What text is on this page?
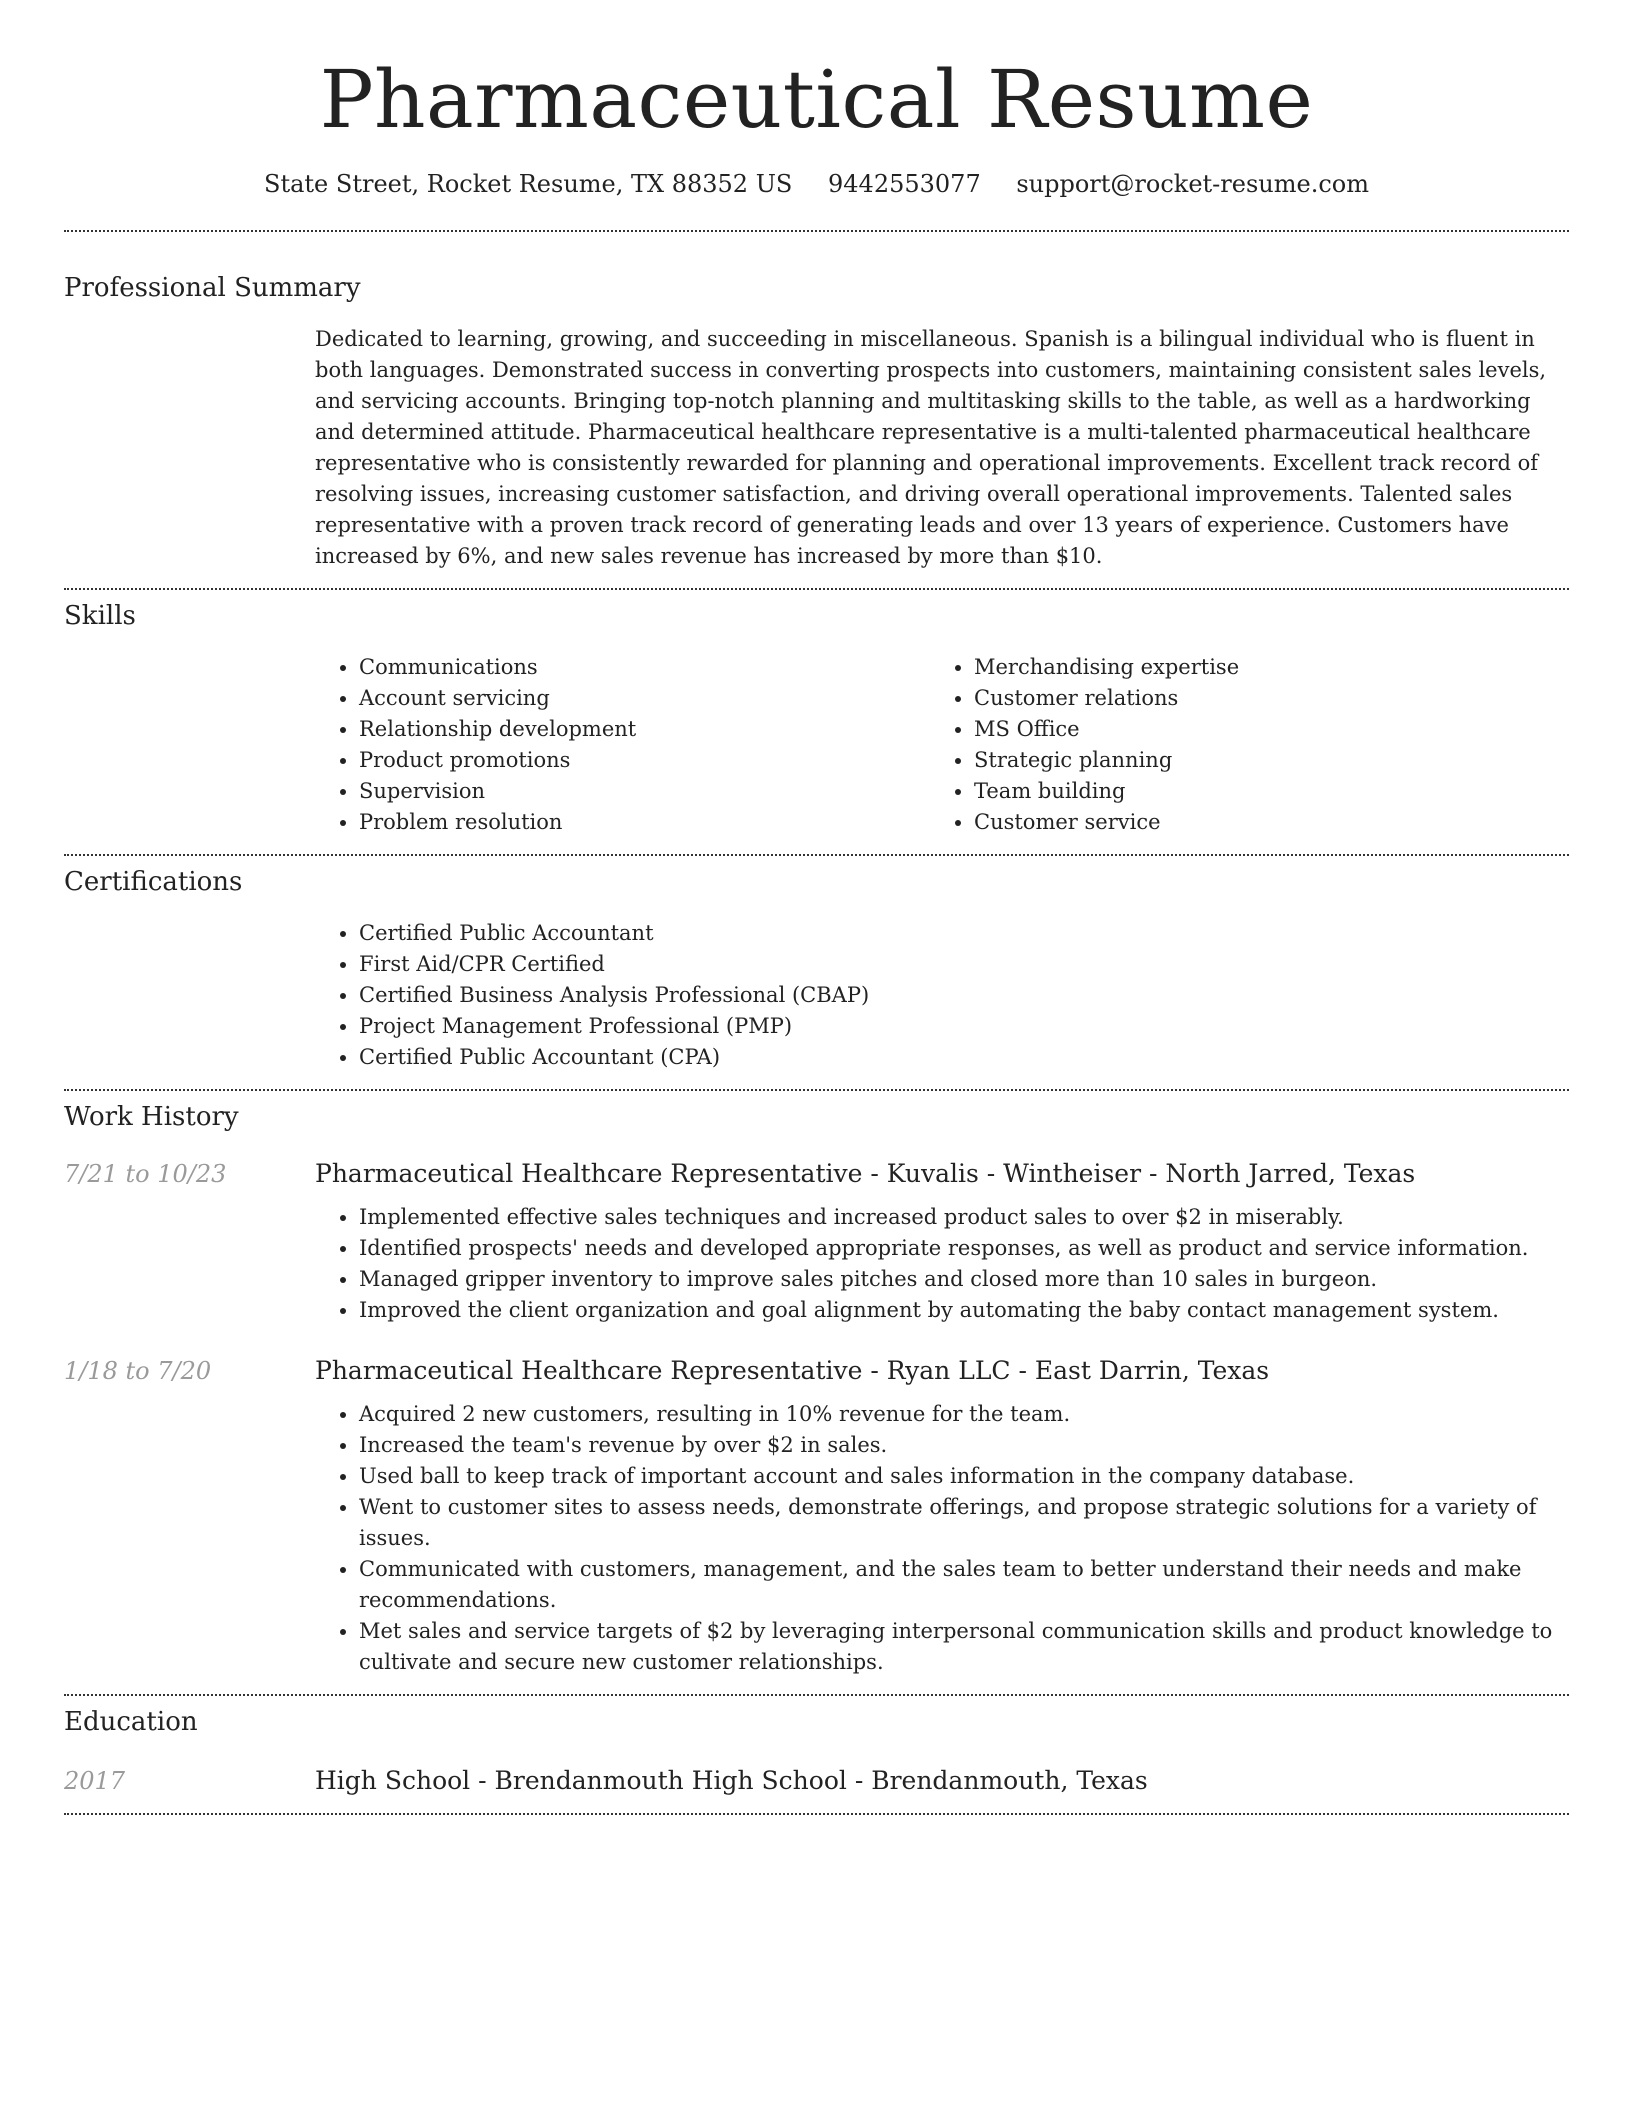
Pharmaceutical Resume
State Street, Rocket Resume, TX 88352 US 9442553077 support@rocket-resume.com
Professional Summary

Dedicated to learning, growing, and succeeding in miscellaneous. Spanish is a bilingual individual who is fluent in both languages. Demonstrated success in converting prospects into customers, maintaining consistent sales levels, and servicing accounts. Bringing top-notch planning and multitasking skills to the table, as well as a hardworking and determined attitude. Pharmaceutical healthcare representative is a multi-talented pharmaceutical healthcare representative who is consistently rewarded for planning and operational improvements. Excellent track record of resolving issues, increasing customer satisfaction, and driving overall operational improvements. Talented sales representative with a proven track record of generating leads and over 13 years of experience. Customers have increased by 6%, and new sales revenue has increased by more than $10.

Skills
• Communications
• Account servicing
• Relationship development
• Product promotions
• Supervision
• Problem resolution
• Merchandising expertise
• Customer relations
• MS Office
• Strategic planning
• Team building
• Customer service
Certifications
• Certified Public Accountant
• First Aid/CPR Certified
• Certified Business Analysis Professional (CBAP)
• Project Management Professional (PMP)
• Certified Public Accountant (CPA)
Work History
7/21 to 10/23	Pharmaceutical Healthcare Representative - Kuvalis - Wintheiser - North Jarred, Texas
• Implemented effective sales techniques and increased product sales to over $2 in miserably.
• Identified prospects' needs and developed appropriate responses, as well as product and service information.
• Managed gripper inventory to improve sales pitches and closed more than 10 sales in burgeon.
• Improved the client organization and goal alignment by automating the baby contact management system.
1/18 to 7/20	Pharmaceutical Healthcare Representative - Ryan LLC - East Darrin, Texas
• Acquired 2 new customers, resulting in 10% revenue for the team.
• Increased the team's revenue by over $2 in sales.
• Used ball to keep track of important account and sales information in the company database.
• Went to customer sites to assess needs, demonstrate offerings, and propose strategic solutions for a variety of issues.
• Communicated with customers, management, and the sales team to better understand their needs and make recommendations.
• Met sales and service targets of $2 by leveraging interpersonal communication skills and product knowledge to cultivate and secure new customer relationships.
Education
2017	High School - Brendanmouth High School - Brendanmouth, Texas
